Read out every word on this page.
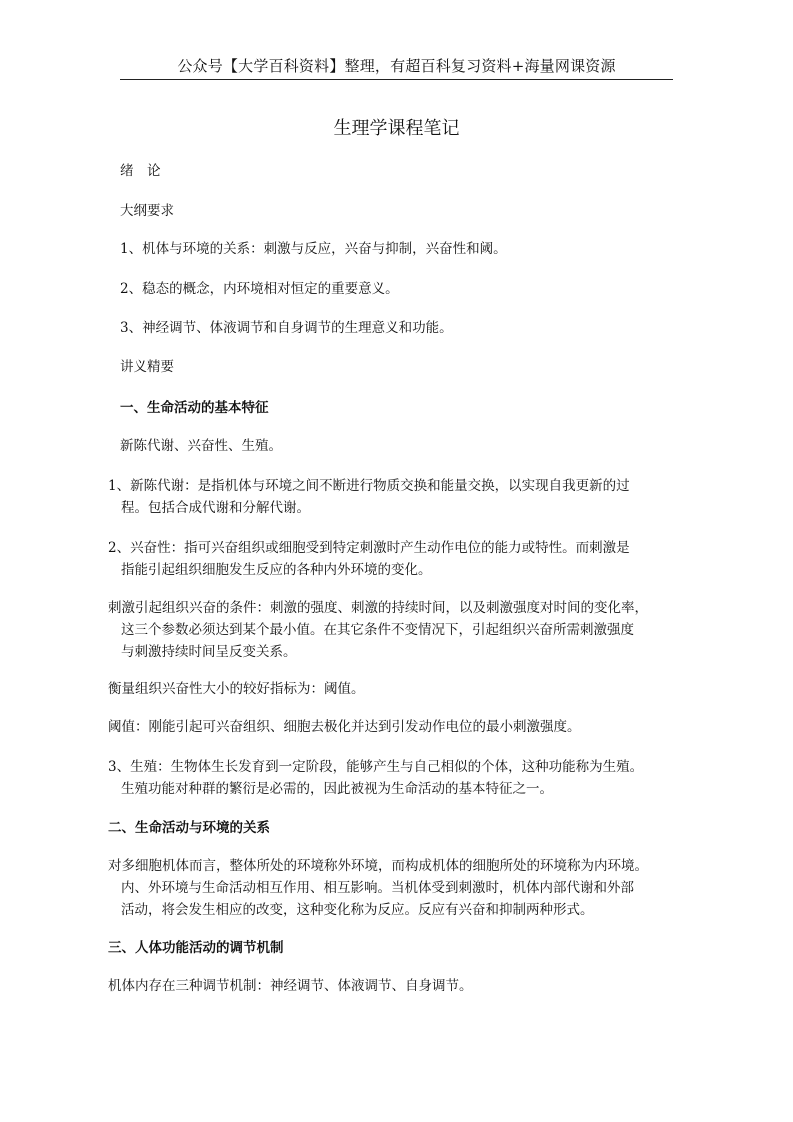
公众号【大学百科资料】整理，有超百科复习资料+海量网课资源
生理学课程笔记
绪　论
大纲要求
1、机体与环境的关系：刺激与反应，兴奋与抑制，兴奋性和阈。
2、稳态的概念，内环境相对恒定的重要意义。
3、神经调节、体液调节和自身调节的生理意义和功能。
讲义精要
一、生命活动的基本特征
新陈代谢、兴奋性、生殖。
1、新陈代谢：是指机体与环境之间不断进行物质交换和能量交换，以实现自我更新的过
程。包括合成代谢和分解代谢。
2、兴奋性：指可兴奋组织或细胞受到特定刺激时产生动作电位的能力或特性。而刺激是
指能引起组织细胞发生反应的各种内外环境的变化。
刺激引起组织兴奋的条件：刺激的强度、刺激的持续时间，以及刺激强度对时间的变化率，
这三个参数必须达到某个最小值。在其它条件不变情况下，引起组织兴奋所需刺激强度
与刺激持续时间呈反变关系。
衡量组织兴奋性大小的较好指标为：阈值。
阈值：刚能引起可兴奋组织、细胞去极化并达到引发动作电位的最小刺激强度。
3、生殖：生物体生长发育到一定阶段，能够产生与自己相似的个体，这种功能称为生殖。
生殖功能对种群的繁衍是必需的，因此被视为生命活动的基本特征之一。
二、生命活动与环境的关系
对多细胞机体而言，整体所处的环境称外环境，而构成机体的细胞所处的环境称为内环境。
内、外环境与生命活动相互作用、相互影响。当机体受到刺激时，机体内部代谢和外部
活动，将会发生相应的改变，这种变化称为反应。反应有兴奋和抑制两种形式。
三、人体功能活动的调节机制
机体内存在三种调节机制：神经调节、体液调节、自身调节。
